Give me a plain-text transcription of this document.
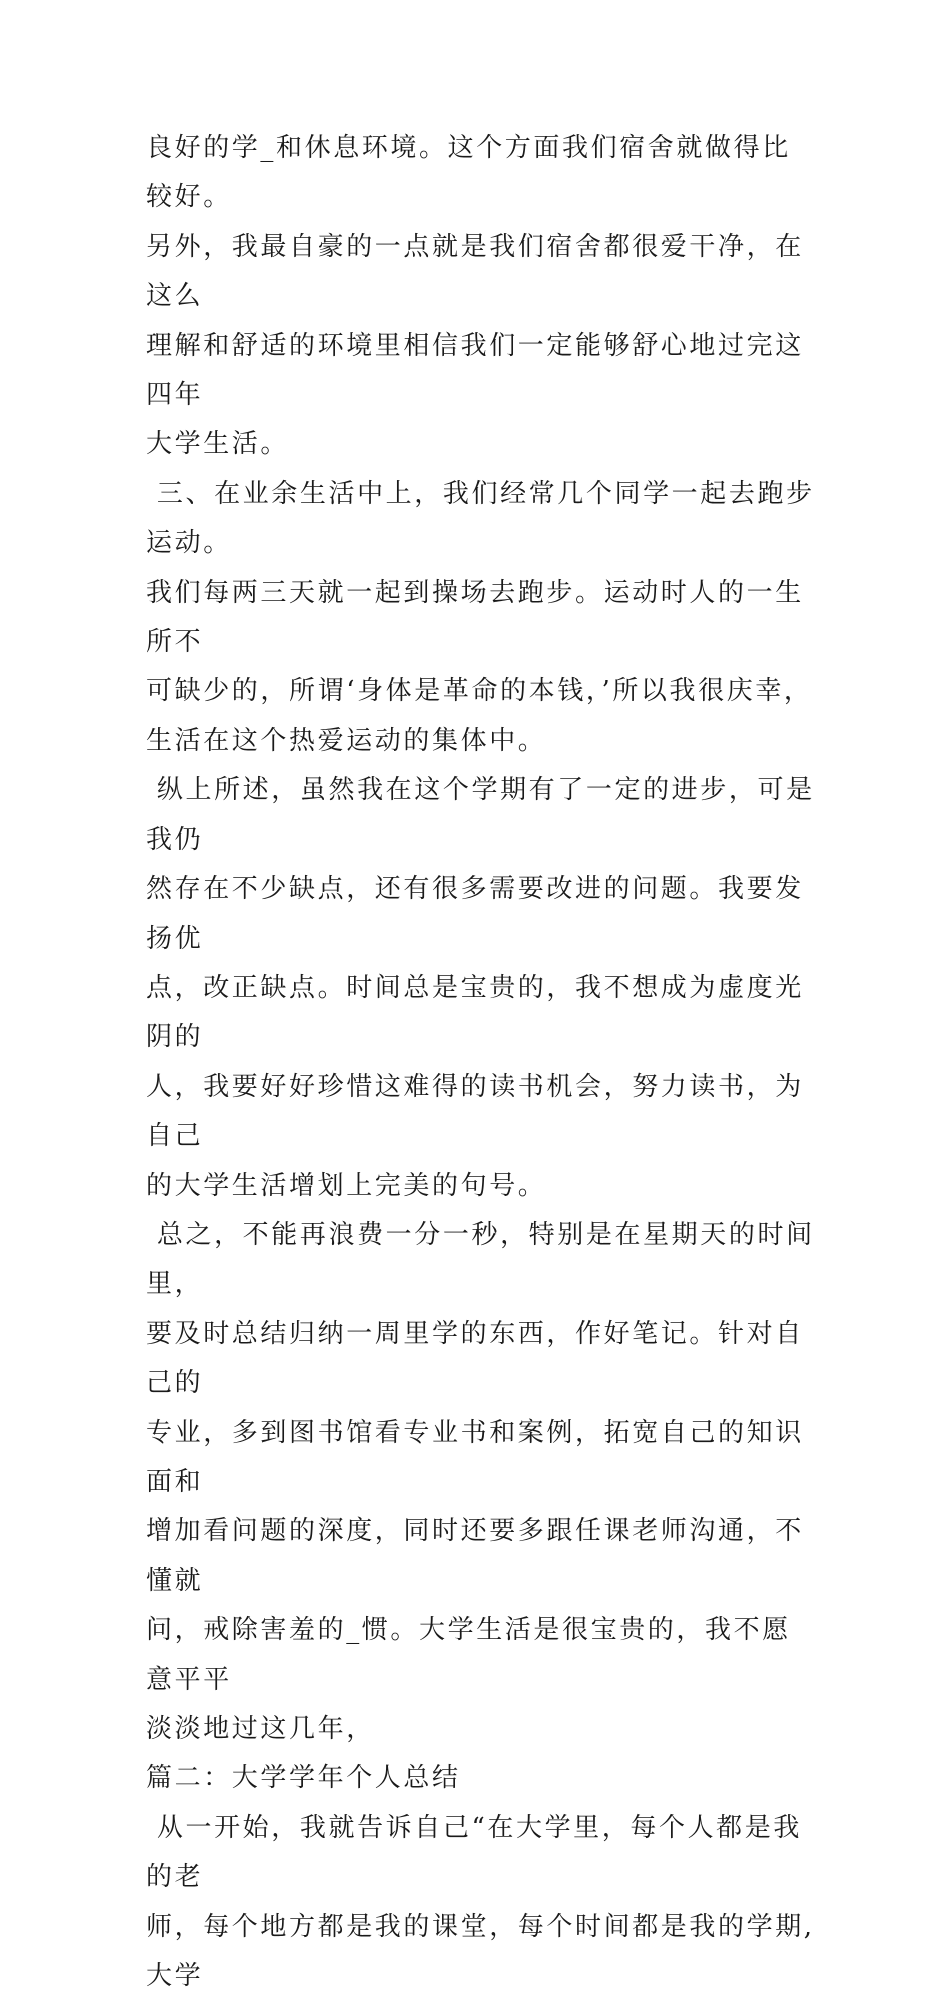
良好的学_和休息环境。这个方面我们宿舍就做得比较好。

另外，我最自豪的一点就是我们宿舍都很爱干净，在这么

理解和舒适的环境里相信我们一定能够舒心地过完这四年

大学生活。

三、在业余生活中上，我们经常几个同学一起去跑步运动。

我们每两三天就一起到操场去跑步。运动时人的一生所不

可缺少的，所谓‘身体是革命的本钱，’所以我很庆幸，

生活在这个热爱运动的集体中。

纵上所述，虽然我在这个学期有了一定的进步，可是我仍

然存在不少缺点，还有很多需要改进的问题。我要发扬优

点，改正缺点。时间总是宝贵的，我不想成为虚度光阴的

人，我要好好珍惜这难得的读书机会，努力读书，为自己

的大学生活增划上完美的句号。

总之，不能再浪费一分一秒，特别是在星期天的时间里，

要及时总结归纳一周里学的东西，作好笔记。针对自己的

专业，多到图书馆看专业书和案例，拓宽自己的知识面和

增加看问题的深度，同时还要多跟任课老师沟通，不懂就

问，戒除害羞的_惯。大学生活是很宝贵的，我不愿意平平

淡淡地过这几年，

篇二：大学学年个人总结

从一开始，我就告诉自己“在大学里，每个人都是我的老

师，每个地方都是我的课堂，每个时间都是我的学期,大学
